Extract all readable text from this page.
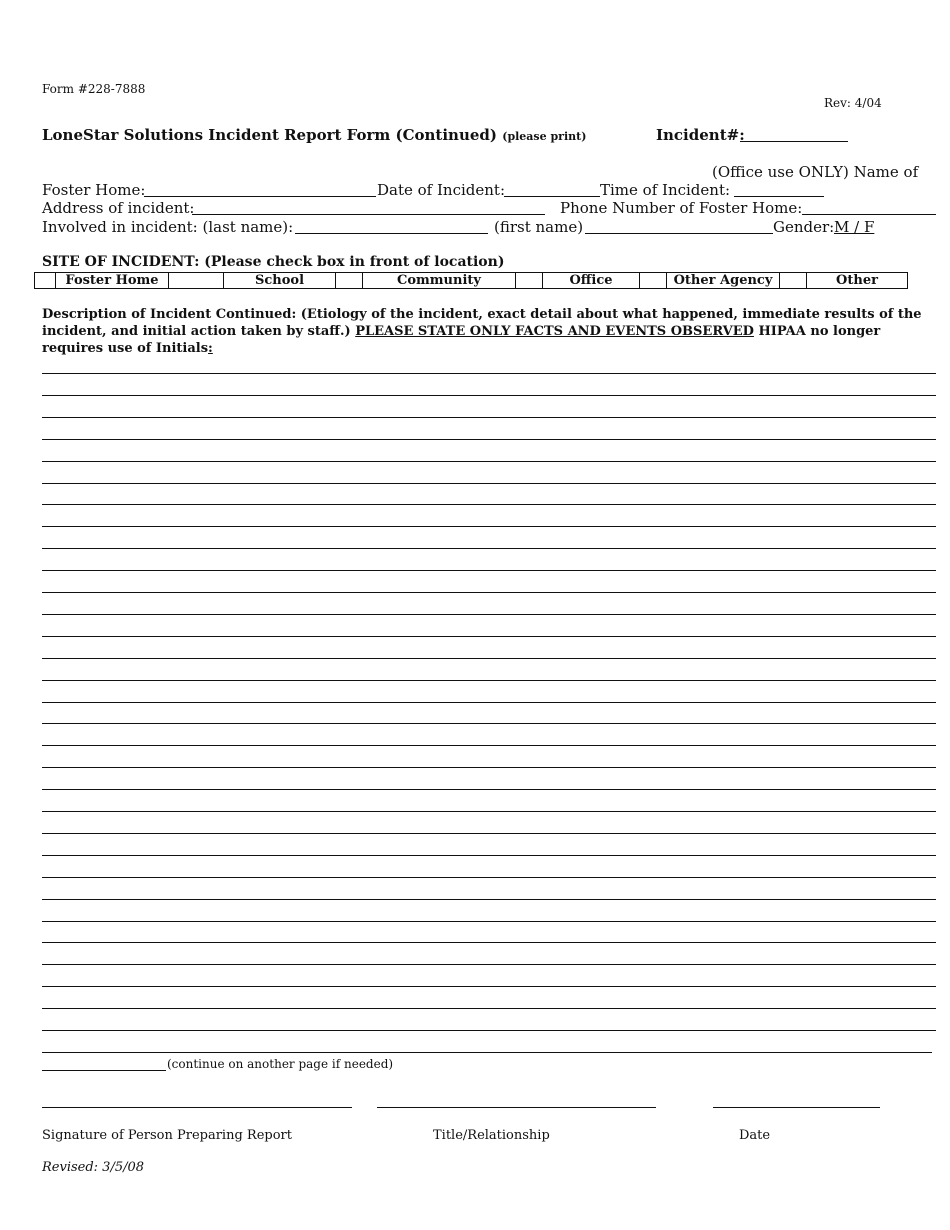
Form #228-7888
Rev: 4/04
LoneStar Solutions Incident Report Form (Continued) (please print)	Incident#:
(Office use ONLY) Name of
Foster Home:	Date of Incident:	Time of Incident:
Address of incident:	Phone Number of Foster Home:
Involved in incident: (last name):	(first name)	Gender: M / F
SITE OF INCIDENT: (Please check box in front of location)
	Foster Home		School		Community		Office		Other Agency		Other
Description of Incident Continued: (Etiology of the incident, exact detail about what happened, immediate results of the incident, and initial action taken by staff.) PLEASE STATE ONLY FACTS AND EVENTS OBSERVED HIPAA no longer requires use of Initials:
(continue on another page if needed)
Signature of Person Preparing Report	Title/Relationship	Date
Revised: 3/5/08
